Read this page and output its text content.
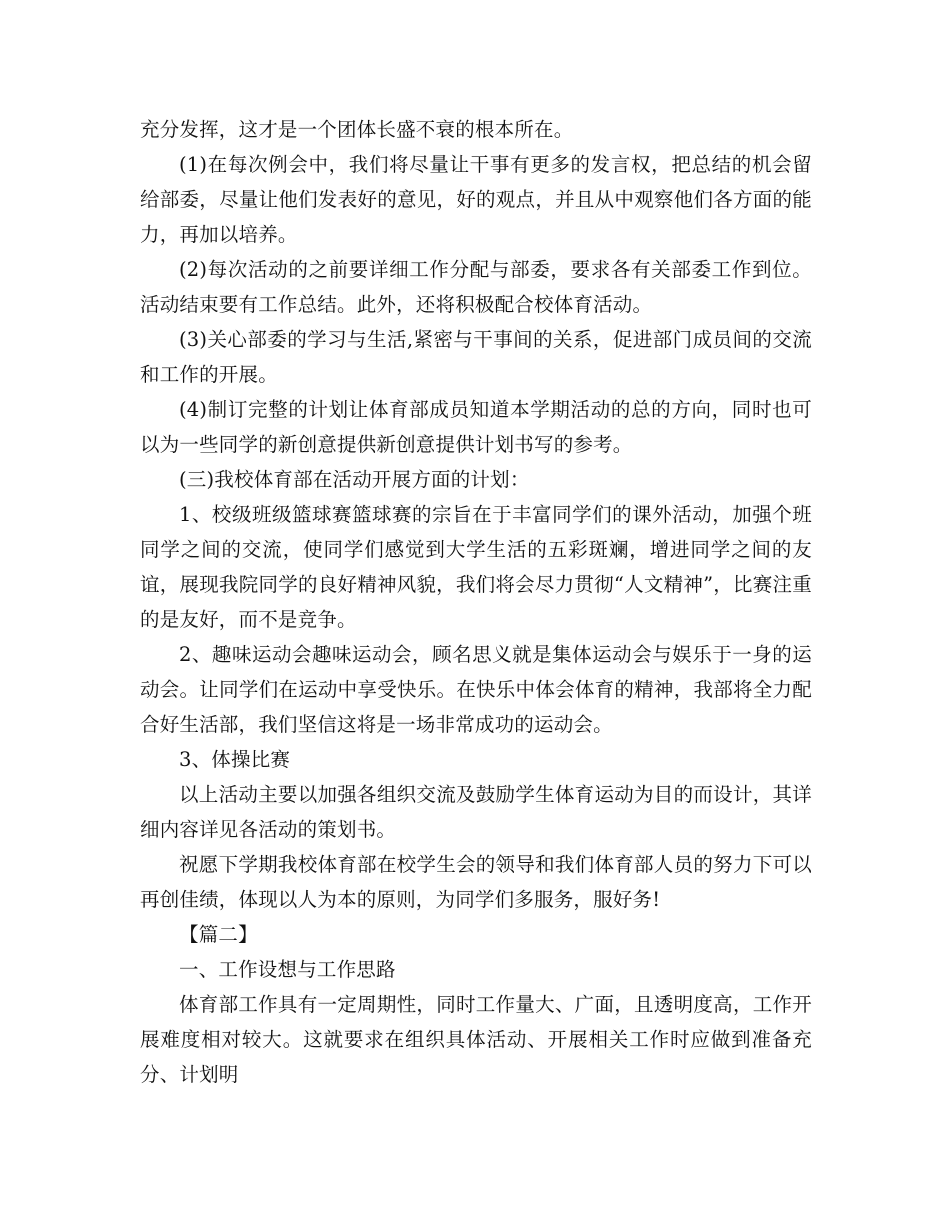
充分发挥，这才是一个团体长盛不衰的根本所在。

(1)在每次例会中，我们将尽量让干事有更多的发言权，把总结的机会留给部委，尽量让他们发表好的意见，好的观点，并且从中观察他们各方面的能力，再加以培养。

(2)每次活动的之前要详细工作分配与部委，要求各有关部委工作到位。活动结束要有工作总结。此外，还将积极配合校体育活动。

(3)关心部委的学习与生活,紧密与干事间的关系，促进部门成员间的交流和工作的开展。

(4)制订完整的计划让体育部成员知道本学期活动的总的方向，同时也可以为一些同学的新创意提供新创意提供计划书写的参考。

(三)我校体育部在活动开展方面的计划：

1、校级班级篮球赛篮球赛的宗旨在于丰富同学们的课外活动，加强个班同学之间的交流，使同学们感觉到大学生活的五彩斑斓，增进同学之间的友谊，展现我院同学的良好精神风貌，我们将会尽力贯彻“人文精神”，比赛注重的是友好，而不是竞争。

2、趣味运动会趣味运动会，顾名思义就是集体运动会与娱乐于一身的运动会。让同学们在运动中享受快乐。在快乐中体会体育的精神，我部将全力配合好生活部，我们坚信这将是一场非常成功的运动会。

3、体操比赛

以上活动主要以加强各组织交流及鼓励学生体育运动为目的而设计，其详细内容详见各活动的策划书。

祝愿下学期我校体育部在校学生会的领导和我们体育部人员的努力下可以再创佳绩，体现以人为本的原则，为同学们多服务，服好务!

【篇二】

一、工作设想与工作思路

体育部工作具有一定周期性，同时工作量大、广面，且透明度高，工作开展难度相对较大。这就要求在组织具体活动、开展相关工作时应做到准备充分、计划明
